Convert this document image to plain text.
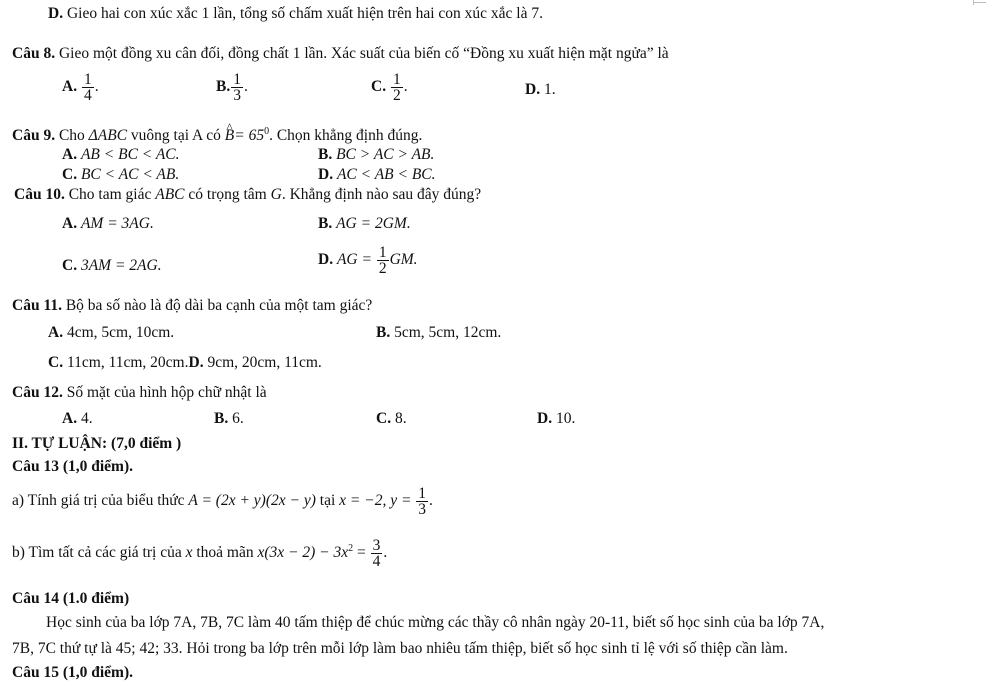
D. Gieo hai con xúc xắc 1 lần, tổng số chấm xuất hiện trên hai con xúc xắc là 7.
Câu 8. Gieo một đồng xu cân đối, đồng chất 1 lần. Xác suất của biến cố “Đồng xu xuất hiện mặt ngửa” là
A. $\frac{1}{4}$ .	B. $\frac{1}{3}$ .	C. $\frac{1}{2}$ .	D. 1.
Câu 9. Cho ΔABC vuông tại A có ^ $B= 65^0$. Chọn khẳng định đúng.
A. AB < BC < AC.	B. BC > AC > AB.
C. BC < AC < AB.	D. AC < AB < BC.
Câu 10. Cho tam giác ABC có trọng tâm G. Khẳng định nào sau đây đúng?
A. AM = 3AG.	B. AG = 2GM.
C. 3AM = 2AG.	D. AG = $\frac{1}{2}$ GM.
Câu 11. Bộ ba số nào là độ dài ba cạnh của một tam giác?
A. 4cm, 5cm, 10cm.	B. 5cm, 5cm, 12cm.
C. 11cm, 11cm, 20cm.D. 9cm, 20cm, 11cm.
Câu 12. Số mặt của hình hộp chữ nhật là
A. 4.	B. 6.	C. 8.	D. 10.
II. TỰ LUẬN: (7,0 điểm )
Câu 13 (1,0 điểm).
a) Tính giá trị của biểu thức A = (2x + y)(2x − y) tại x = −2, $y = \frac{1}{3}$ .
b) Tìm tất cả các giá trị của x thoả mãn $x(3x - 2) - 3x^2 = \frac{3}{4}$ .
Câu 14 (1.0 điểm)
Học sinh của ba lớp 7A, 7B, 7C làm 40 tấm thiệp để chúc mừng các thầy cô nhân ngày 20-11, biết số học sinh của ba lớp 7A,
7B, 7C thứ tự là 45; 42; 33. Hỏi trong ba lớp trên mỗi lớp làm bao nhiêu tấm thiệp, biết số học sinh tỉ lệ với số thiệp cần làm.
Câu 15 (1,0 điểm).
